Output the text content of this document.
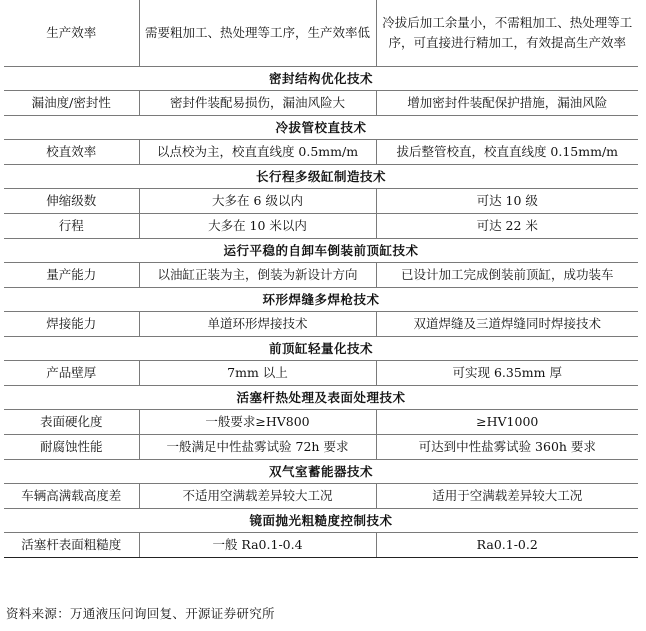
生产效率	需要粗加工、热处理等工序，生产效率低	冷拔后加工余量小，不需粗加工、热处理等工序，可直接进行精加工，有效提高生产效率
密封结构优化技术		
漏油度/密封性	密封件装配易损伤，漏油风险大	增加密封件装配保护措施，漏油风险
冷拔管校直技术		
校直效率	以点校为主，校直直线度 0.5mm/m	拔后整管校直，校直直线度 0.15mm/m
长行程多级缸制造技术		
伸缩级数	大多在 6 级以内	可达 10 级
行程	大多在 10 米以内	可达 22 米
运行平稳的自卸车倒装前顶缸技术		
量产能力	以油缸正装为主，倒装为新设计方向	已设计加工完成倒装前顶缸，成功装车
环形焊缝多焊枪技术		
焊接能力	单道环形焊接技术	双道焊缝及三道焊缝同时焊接技术
前顶缸轻量化技术		
产品壁厚	7mm 以上	可实现 6.35mm 厚
活塞杆热处理及表面处理技术		
表面硬化度	一般要求≥HV800	≥HV1000
耐腐蚀性能	一般满足中性盐雾试验 72h 要求	可达到中性盐雾试验 360h 要求
双气室蓄能器技术		
车辆高满载高度差	不适用空满载差异较大工况	适用于空满载差异较大工况
镜面抛光粗糙度控制技术		
活塞杆表面粗糙度	一般 Ra0.1-0.4	Ra0.1-0.2
资料来源：万通液压问询回复、开源证券研究所
